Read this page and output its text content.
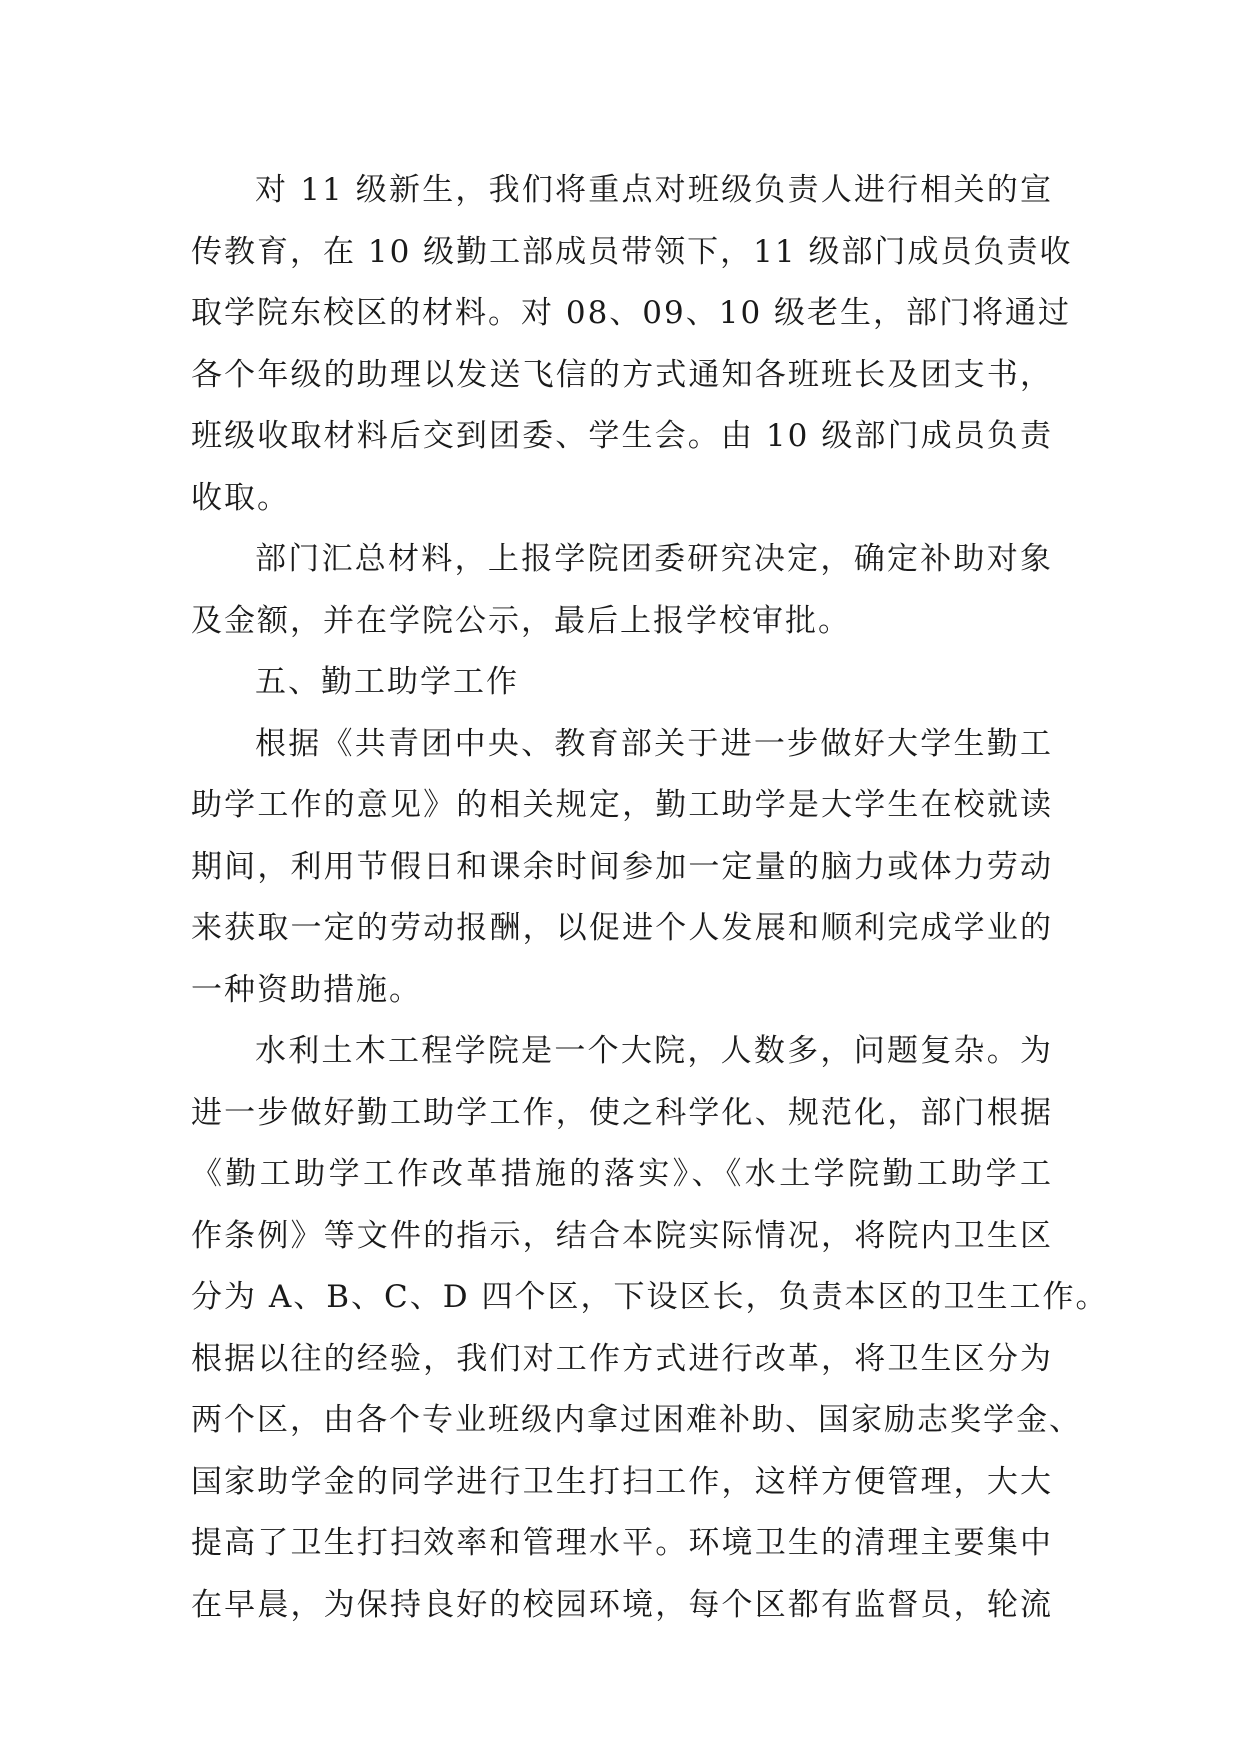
对 11 级新生，我们将重点对班级负责人进行相关的宣
传教育，在 10 级勤工部成员带领下，11 级部门成员负责收
取学院东校区的材料。对 08、09、10 级老生，部门将通过
各个年级的助理以发送飞信的方式通知各班班长及团支书，
班级收取材料后交到团委、学生会。由 10 级部门成员负责
收取。
部门汇总材料，上报学院团委研究决定，确定补助对象
及金额，并在学院公示，最后上报学校审批。
五、勤工助学工作
根据《共青团中央、教育部关于进一步做好大学生勤工
助学工作的意见》的相关规定，勤工助学是大学生在校就读
期间，利用节假日和课余时间参加一定量的脑力或体力劳动
来获取一定的劳动报酬，以促进个人发展和顺利完成学业的
一种资助措施。
水利土木工程学院是一个大院，人数多，问题复杂。为
进一步做好勤工助学工作，使之科学化、规范化，部门根据
《勤工助学工作改革措施的落实》、《水土学院勤工助学工
作条例》等文件的指示，结合本院实际情况，将院内卫生区
分为 A、B、C、D 四个区，下设区长，负责本区的卫生工作。
根据以往的经验，我们对工作方式进行改革，将卫生区分为
两个区，由各个专业班级内拿过困难补助、国家励志奖学金、
国家助学金的同学进行卫生打扫工作，这样方便管理，大大
提高了卫生打扫效率和管理水平。环境卫生的清理主要集中
在早晨，为保持良好的校园环境，每个区都有监督员，轮流
